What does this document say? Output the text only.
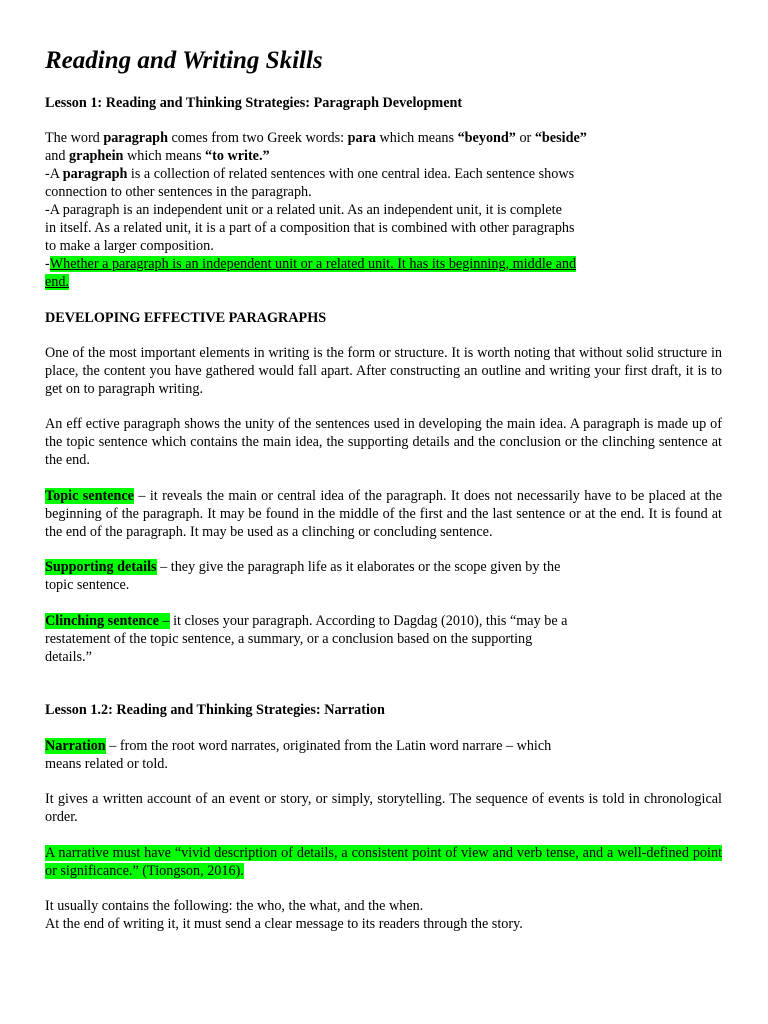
Reading and Writing Skills

Lesson 1: Reading and Thinking Strategies: Paragraph Development

The word paragraph comes from two Greek words: para which means “beyond” or “beside”
and graphein which means “to write.”

-A paragraph is a collection of related sentences with one central idea. Each sentence shows
connection to other sentences in the paragraph.

-A paragraph is an independent unit or a related unit. As an independent unit, it is complete
in itself. As a related unit, it is a part of a composition that is combined with other paragraphs
to make a larger composition.

-Whether a paragraph is an independent unit or a related unit. It has its beginning, middle and
end.

DEVELOPING EFFECTIVE PARAGRAPHS

One of the most important elements in writing is the form or structure. It is worth noting that without solid structure in place, the content you have gathered would fall apart. After constructing an outline and writing your first draft, it is to get on to paragraph writing.

An eff ective paragraph shows the unity of the sentences used in developing the main idea. A paragraph is made up of the topic sentence which contains the main idea, the supporting details and the conclusion or the clinching sentence at the end.

Topic sentence – it reveals the main or central idea of the paragraph. It does not necessarily have to be placed at the beginning of the paragraph. It may be found in the middle of the first and the last sentence or at the end. It is found at the end of the paragraph. It may be used as a clinching or concluding sentence.

Supporting details – they give the paragraph life as it elaborates or the scope given by the
topic sentence.

Clinching sentence – it closes your paragraph. According to Dagdag (2010), this “may be a
restatement of the topic sentence, a summary, or a conclusion based on the supporting
details.”

Lesson 1.2: Reading and Thinking Strategies: Narration

Narration – from the root word narrates, originated from the Latin word narrare – which
means related or told.

It gives a written account of an event or story, or simply, storytelling. The sequence of events is told in chronological order.

A narrative must have “vivid description of details, a consistent point of view and verb tense, and a well-defined point or significance.” (Tiongson, 2016).

It usually contains the following: the who, the what, and the when.
At the end of writing it, it must send a clear message to its readers through the story.
